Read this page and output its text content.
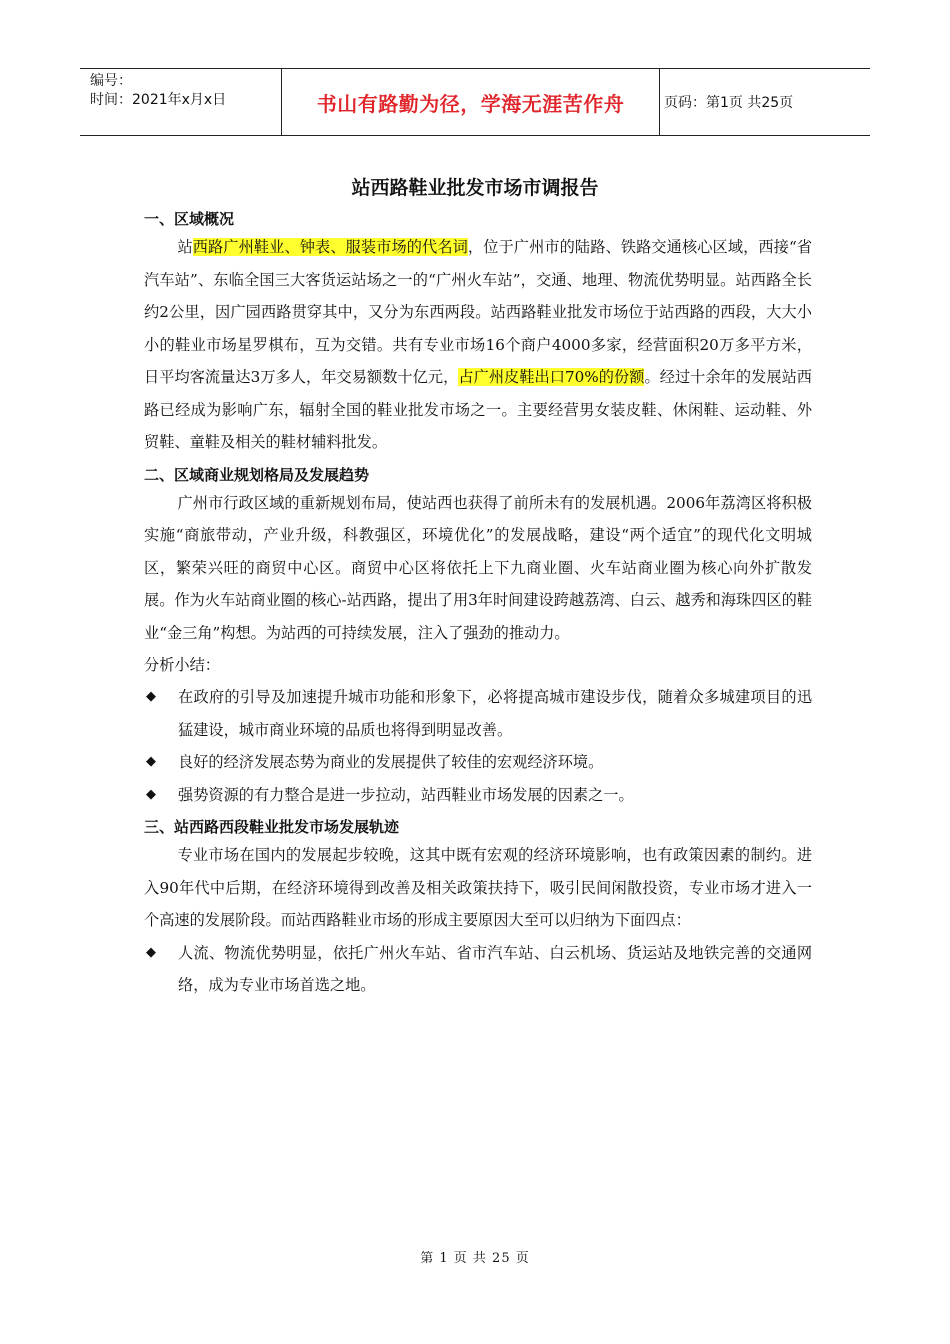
编号：
时间：2021年x月x日	书山有路勤为径，学海无涯苦作舟	页码：第1页 共25页
站西路鞋业批发市场市调报告
一、区域概况

站西路广州鞋业、钟表、服装市场的代名词，位于广州市的陆路、铁路交通核心区域，西接“省汽车站”、东临全国三大客货运站场之一的“广州火车站”，交通、地理、物流优势明显。站西路全长约2公里，因广园西路贯穿其中，又分为东西两段。站西路鞋业批发市场位于站西路的西段，大大小小的鞋业市场星罗棋布，互为交错。共有专业市场16个商户4000多家，经营面积20万多平方米，日平均客流量达3万多人，年交易额数十亿元，占广州皮鞋出口70%的份额。经过十余年的发展站西路已经成为影响广东，辐射全国的鞋业批发市场之一。主要经营男女装皮鞋、休闲鞋、运动鞋、外贸鞋、童鞋及相关的鞋材辅料批发。

二、区域商业规划格局及发展趋势

广州市行政区域的重新规划布局，使站西也获得了前所未有的发展机遇。2006年荔湾区将积极实施“商旅带动，产业升级，科教强区，环境优化”的发展战略，建设“两个适宜”的现代化文明城区，繁荣兴旺的商贸中心区。商贸中心区将依托上下九商业圈、火车站商业圈为核心向外扩散发展。作为火车站商业圈的核心-站西路，提出了用3年时间建设跨越荔湾、白云、越秀和海珠四区的鞋业“金三角”构想。为站西的可持续发展，注入了强劲的推动力。

分析小结：

◆ 在政府的引导及加速提升城市功能和形象下，必将提高城市建设步伐，随着众多城建项目的迅猛建设，城市商业环境的品质也将得到明显改善。

◆ 良好的经济发展态势为商业的发展提供了较佳的宏观经济环境。

◆ 强势资源的有力整合是进一步拉动，站西鞋业市场发展的因素之一。

三、站西路西段鞋业批发市场发展轨迹

专业市场在国内的发展起步较晚，这其中既有宏观的经济环境影响，也有政策因素的制约。进入90年代中后期，在经济环境得到改善及相关政策扶持下，吸引民间闲散投资，专业市场才进入一个高速的发展阶段。而站西路鞋业市场的形成主要原因大至可以归纳为下面四点：

◆ 人流、物流优势明显，依托广州火车站、省市汽车站、白云机场、货运站及地铁完善的交通网络，成为专业市场首选之地。

第 1 页 共 25 页
